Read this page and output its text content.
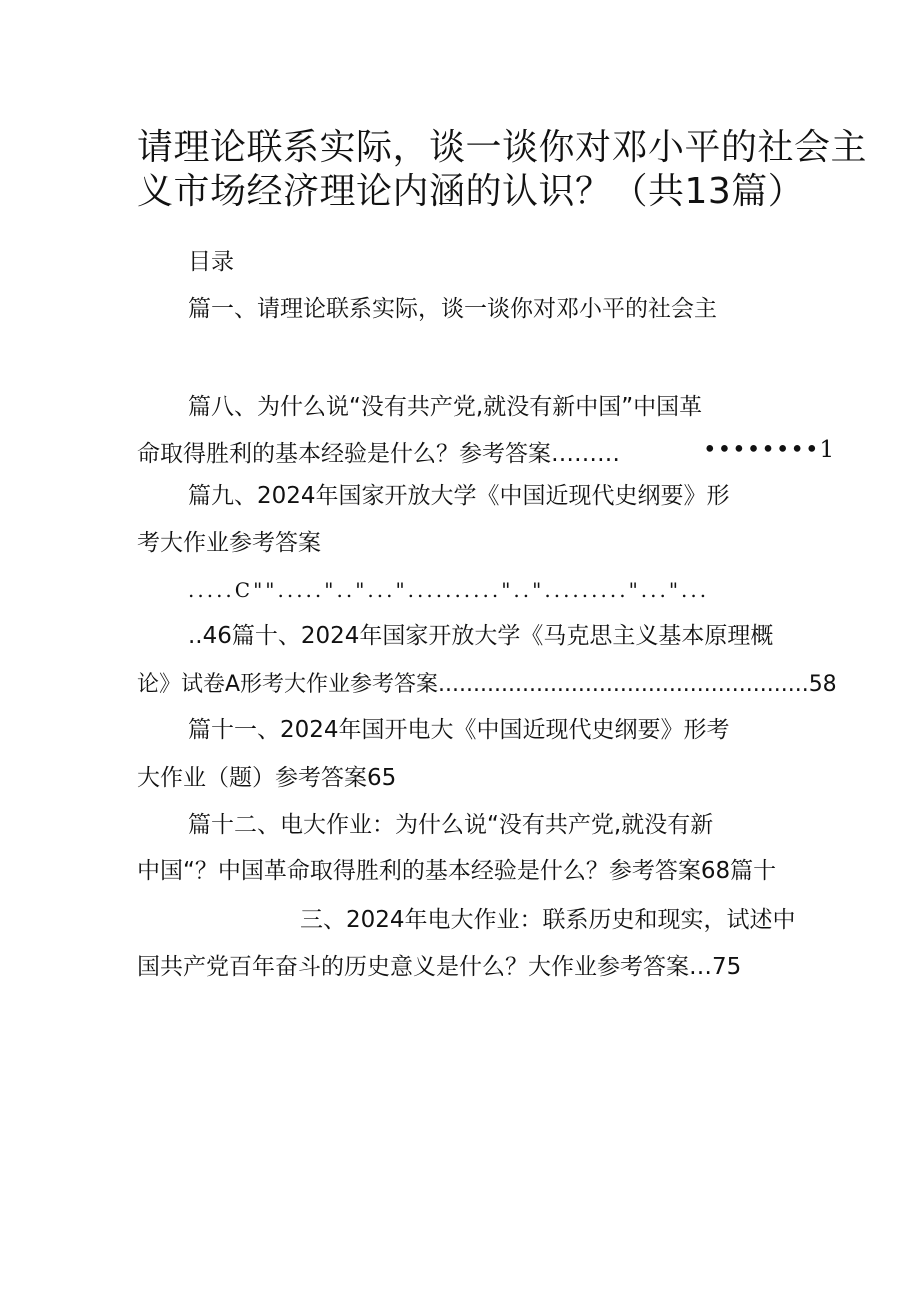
请理论联系实际，谈一谈你对邓小平的社会主
义市场经济理论内涵的认识？（共13篇）
目录
篇一、请理论联系实际，谈一谈你对邓小平的社会主
篇八、为什么说“没有共产党,就没有新中国”中国革
命取得胜利的基本经验是什么？参考答案………	••••••••1
篇九、2024年国家开放大学《中国近现代史纲要》形
考大作业参考答案
.....C"".....".."..."..........".."........."..."...
..46篇十、2024年国家开放大学《马克思主义基本原理概
论》试卷A形考大作业参考答案.....................................................58
篇十一、2024年国开电大《中国近现代史纲要》形考
大作业（题）参考答案65
篇十二、电大作业：为什么说“没有共产党,就没有新
中国“？中国革命取得胜利的基本经验是什么？参考答案68篇十
三、2024年电大作业：联系历史和现实，试述中
国共产党百年奋斗的历史意义是什么？大作业参考答案…75
